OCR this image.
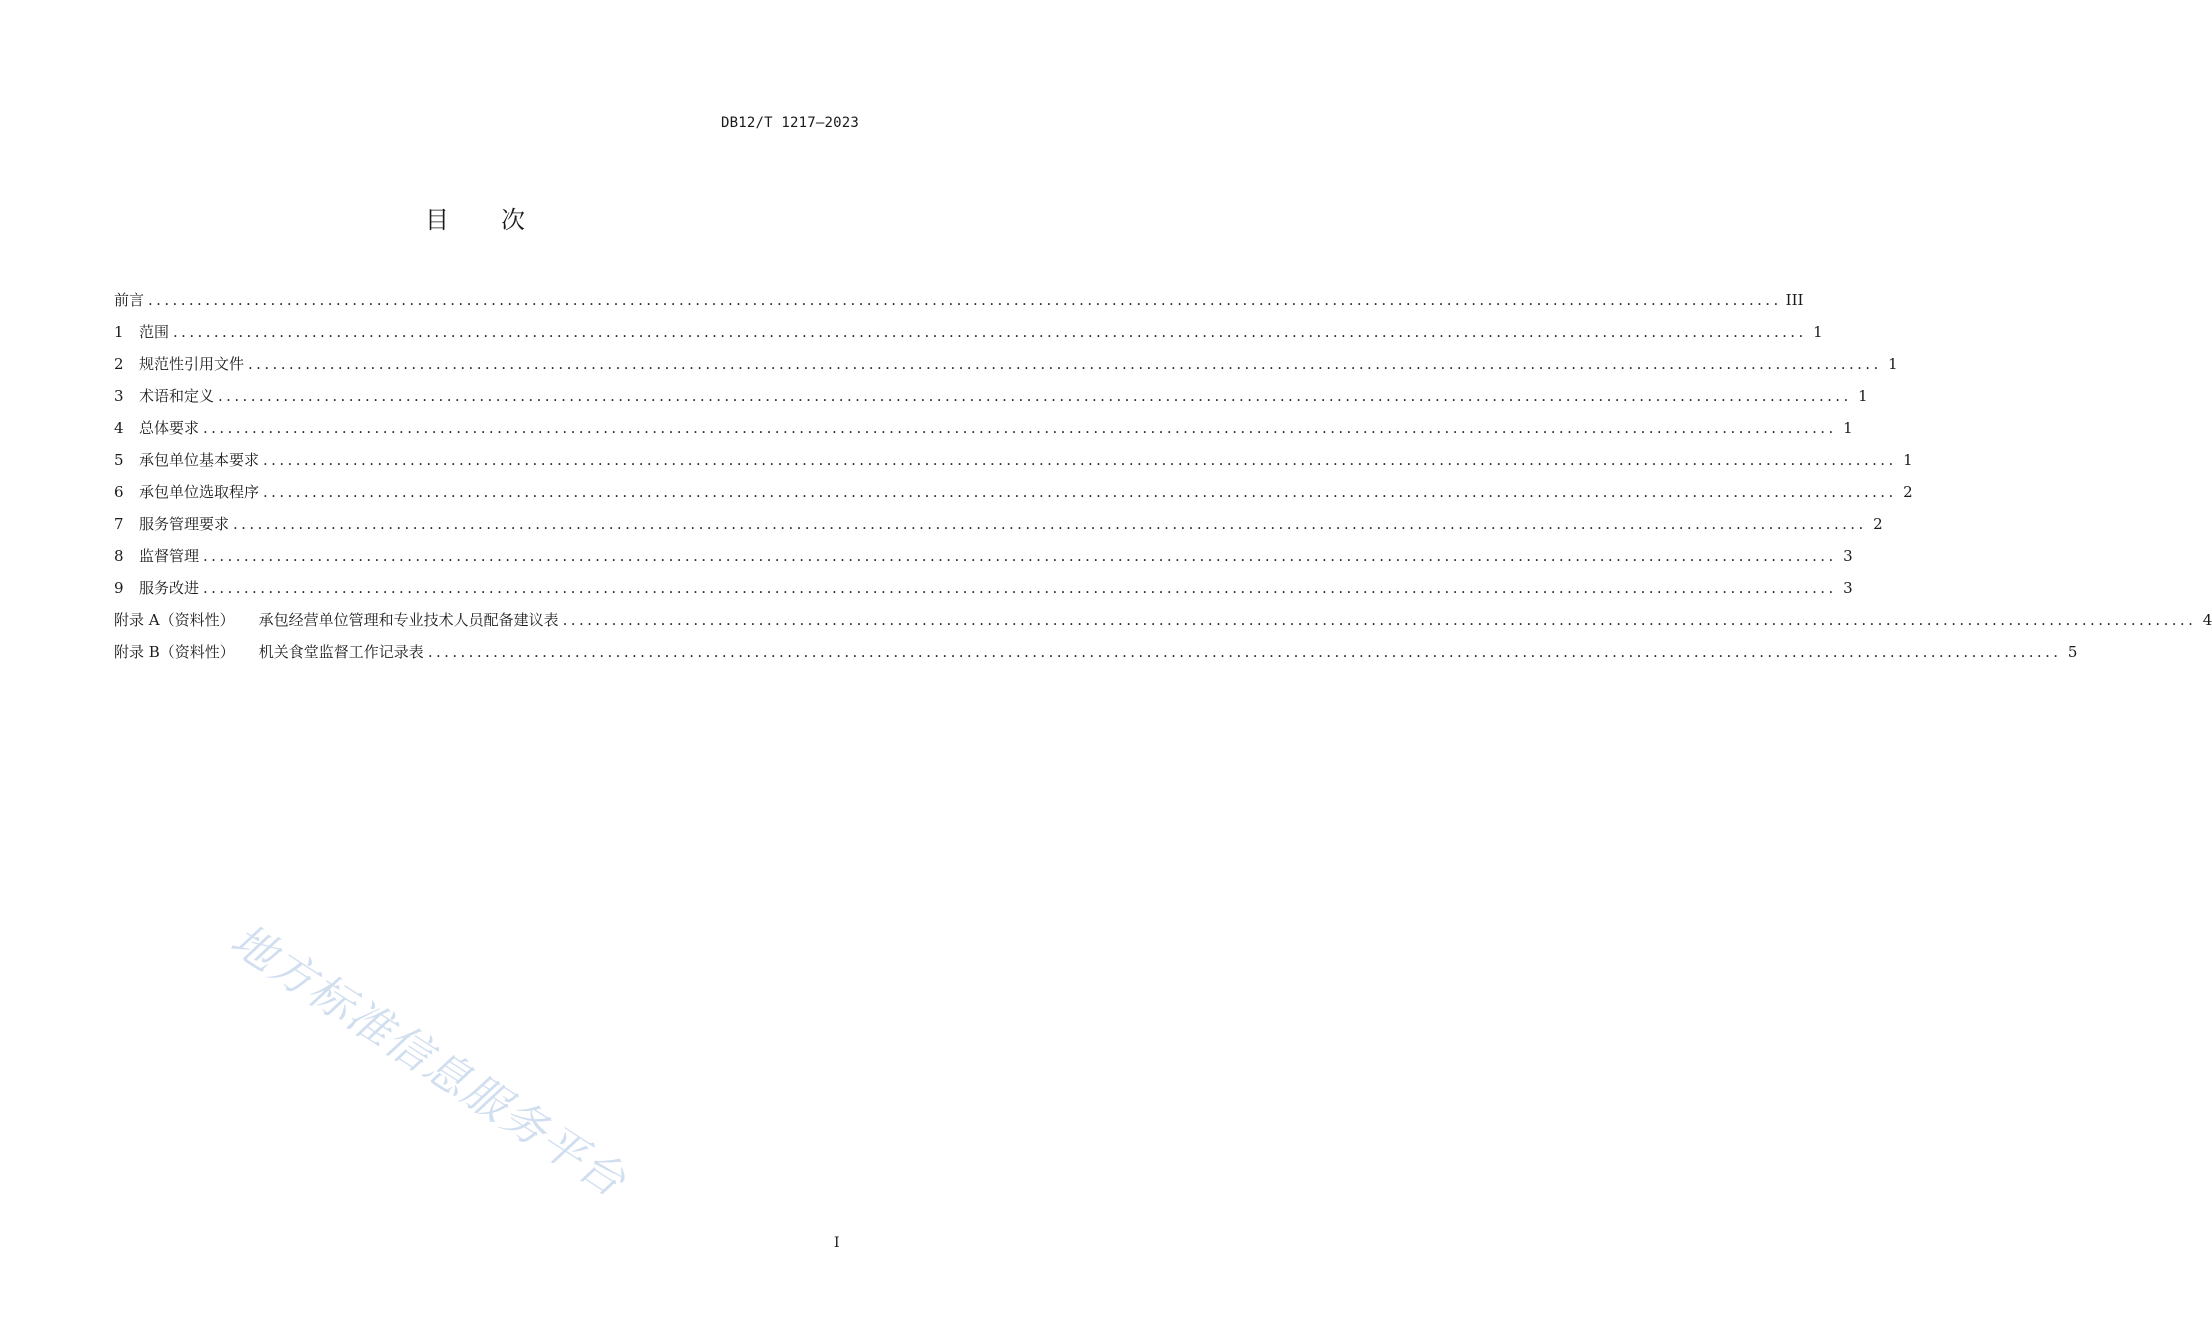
DB12/T 1217—2023
目 次
前言 ........................................................................................................................................................................................................ III
1	范围 ........................................................................................................................................................................................................ 1
2	规范性引用文件 ........................................................................................................................................................................................................ 1
3	术语和定义 ........................................................................................................................................................................................................ 1
4	总体要求 ........................................................................................................................................................................................................ 1
5	承包单位基本要求 ........................................................................................................................................................................................................ 1
6	承包单位选取程序 ........................................................................................................................................................................................................ 2
7	服务管理要求 ........................................................................................................................................................................................................ 2
8	监督管理 ........................................................................................................................................................................................................ 3
9	服务改进 ........................................................................................................................................................................................................ 3
附录 A（资料性） 承包经营单位管理和专业技术人员配备建议表 ........................................................................................................................................................................................................ 4
附录 B（资料性） 机关食堂监督工作记录表 ........................................................................................................................................................................................................ 5
地方标准信息服务平台
I
